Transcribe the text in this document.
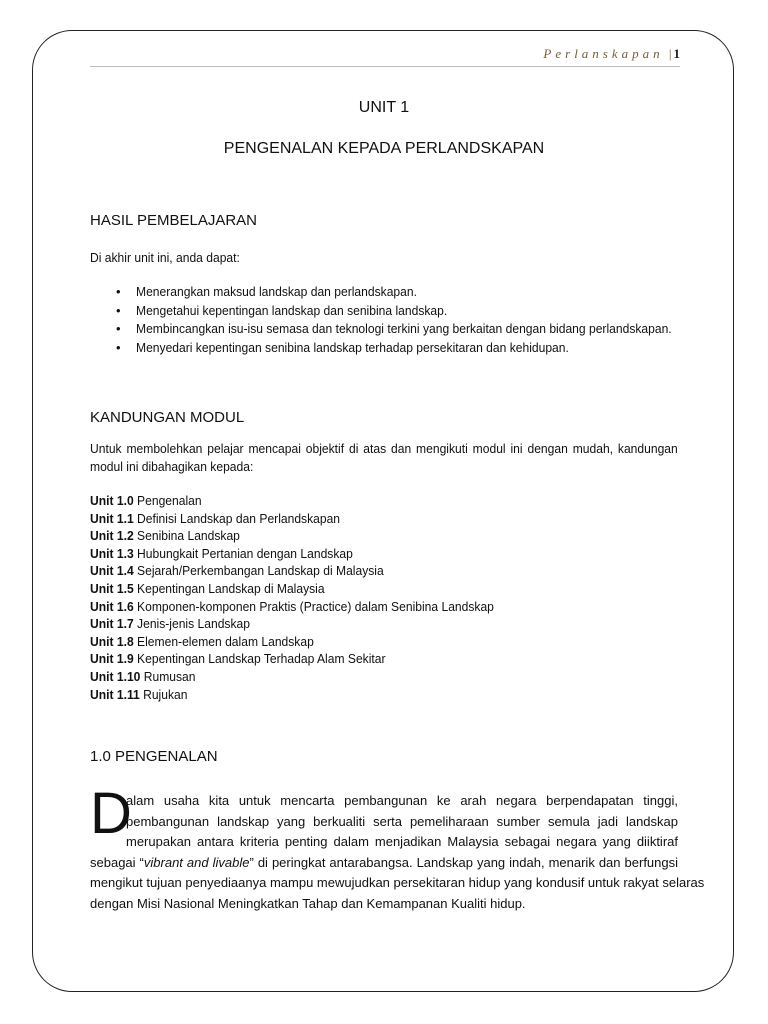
Perlanskapan | 1
UNIT 1
PENGENALAN KEPADA PERLANDSKAPAN
HASIL PEMBELAJARAN

Di akhir unit ini, anda dapat:

• Menerangkan maksud landskap dan perlandskapan.
• Mengetahui kepentingan landskap dan senibina landskap.
• Membincangkan isu-isu semasa dan teknologi terkini yang berkaitan dengan bidang perlandskapan.
• Menyedari kepentingan senibina landskap terhadap persekitaran dan kehidupan.
KANDUNGAN MODUL

Untuk membolehkan pelajar mencapai objektif di atas dan mengikuti modul ini dengan mudah, kandungan modul ini dibahagikan kepada:

Unit 1.0 Pengenalan
Unit 1.1 Definisi Landskap dan Perlandskapan
Unit 1.2 Senibina Landskap
Unit 1.3 Hubungkait Pertanian dengan Landskap
Unit 1.4 Sejarah/Perkembangan Landskap di Malaysia
Unit 1.5 Kepentingan Landskap di Malaysia
Unit 1.6 Komponen-komponen Praktis (Practice) dalam Senibina Landskap
Unit 1.7 Jenis-jenis Landskap
Unit 1.8 Elemen-elemen dalam Landskap
Unit 1.9 Kepentingan Landskap Terhadap Alam Sekitar
Unit 1.10 Rumusan
Unit 1.11 Rujukan
1.0 PENGENALAN
D
alam usaha kita untuk mencarta pembangunan ke arah negara berpendapatan tinggi,
pembangunan landskap yang berkualiti serta pemeliharaan sumber semula jadi landskap
merupakan antara kriteria penting dalam menjadikan Malaysia sebagai negara yang diiktiraf
sebagai “vibrant and livable” di peringkat antarabangsa. Landskap yang indah, menarik dan berfungsi
mengikut tujuan penyediaanya mampu mewujudkan persekitaran hidup yang kondusif untuk rakyat selaras
dengan Misi Nasional Meningkatkan Tahap dan Kemampanan Kualiti hidup.
